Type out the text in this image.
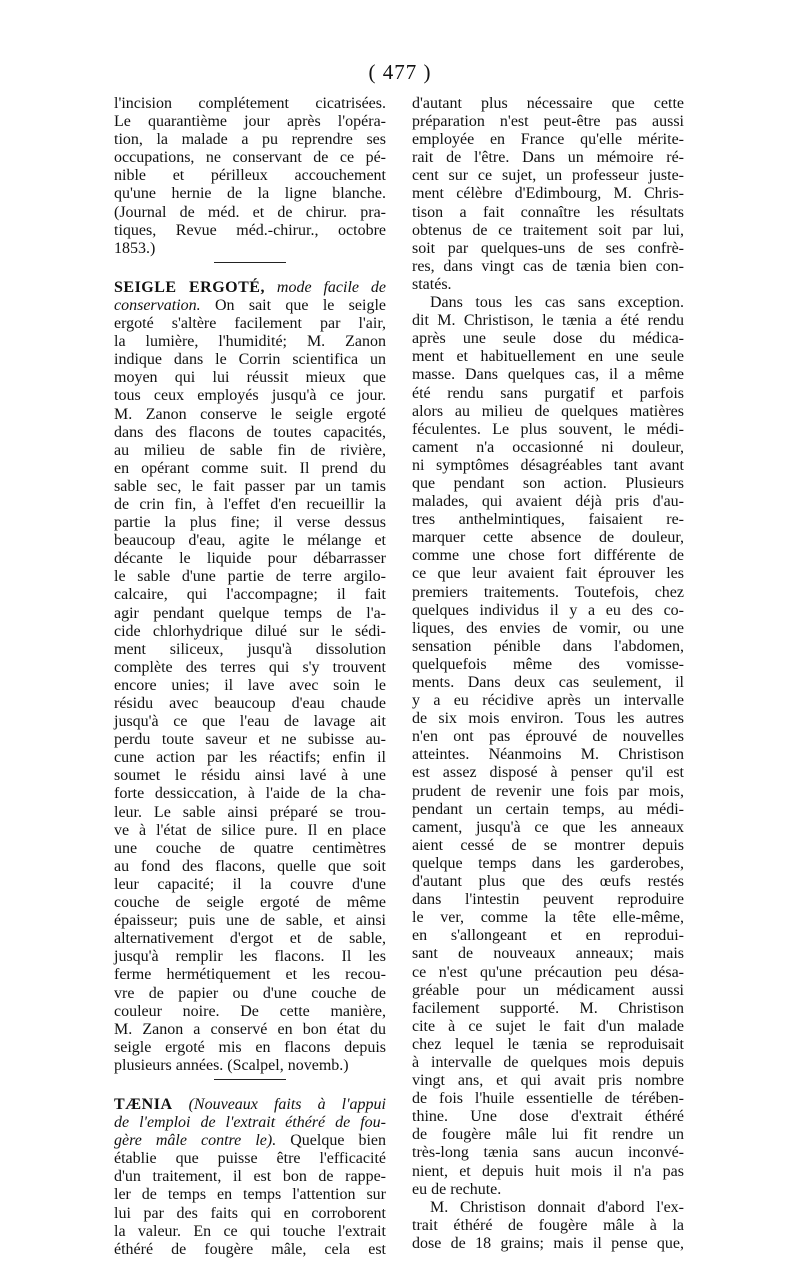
( 477 )

l'incision complétement cicatrisées.

Le quarantième jour après l'opéra-

tion, la malade a pu reprendre ses

occupations, ne conservant de ce pé-

nible et périlleux accouchement

qu'une hernie de la ligne blanche.

(Journal de méd. et de chirur. pra-

tiques, Revue méd.-chirur., octobre

1853.)

SEIGLE ERGOTÉ, mode facile de conservation. On sait que le seigle

ergoté s'altère facilement par l'air,

la lumière, l'humidité; M. Zanon

indique dans le Corrin scientifica un

moyen qui lui réussit mieux que

tous ceux employés jusqu'à ce jour.

M. Zanon conserve le seigle ergoté

dans des flacons de toutes capacités,

au milieu de sable fin de rivière,

en opérant comme suit. Il prend du

sable sec, le fait passer par un tamis

de crin fin, à l'effet d'en recueillir la

partie la plus fine; il verse dessus

beaucoup d'eau, agite le mélange et

décante le liquide pour débarrasser

le sable d'une partie de terre argilo-

calcaire, qui l'accompagne; il fait

agir pendant quelque temps de l'a-

cide chlorhydrique dilué sur le sédi-

ment siliceux, jusqu'à dissolution

complète des terres qui s'y trouvent

encore unies; il lave avec soin le

résidu avec beaucoup d'eau chaude

jusqu'à ce que l'eau de lavage ait

perdu toute saveur et ne subisse au-

cune action par les réactifs; enfin il

soumet le résidu ainsi lavé à une

forte dessiccation, à l'aide de la cha-

leur. Le sable ainsi préparé se trou-

ve à l'état de silice pure. Il en place

une couche de quatre centimètres

au fond des flacons, quelle que soit

leur capacité; il la couvre d'une

couche de seigle ergoté de même

épaisseur; puis une de sable, et ainsi

alternativement d'ergot et de sable,

jusqu'à remplir les flacons. Il les

ferme hermétiquement et les recou-

vre de papier ou d'une couche de

couleur noire. De cette manière,

M. Zanon a conservé en bon état du

seigle ergoté mis en flacons depuis

plusieurs années. (Scalpel, novemb.)

TÆNIA (Nouveaux faits à l'appui

de l'emploi de l'extrait éthéré de fou-

gère mâle contre le). Quelque bien

établie que puisse être l'efficacité

d'un traitement, il est bon de rappe-

ler de temps en temps l'attention sur

lui par des faits qui en corroborent

la valeur. En ce qui touche l'extrait

éthéré de fougère mâle, cela est

d'autant plus nécessaire que cette

préparation n'est peut-être pas aussi

employée en France qu'elle mérite-

rait de l'être. Dans un mémoire ré-

cent sur ce sujet, un professeur juste-

ment célèbre d'Edimbourg, M. Chris-

tison a fait connaître les résultats

obtenus de ce traitement soit par lui,

soit par quelques-uns de ses confrè-

res, dans vingt cas de tænia bien con-

statés.

Dans tous les cas sans exception.

dit M. Christison, le tænia a été rendu

après une seule dose du médica-

ment et habituellement en une seule

masse. Dans quelques cas, il a même

été rendu sans purgatif et parfois

alors au milieu de quelques matières

féculentes. Le plus souvent, le médi-

cament n'a occasionné ni douleur,

ni symptômes désagréables tant avant

que pendant son action. Plusieurs

malades, qui avaient déjà pris d'au-

tres anthelmintiques, faisaient re-

marquer cette absence de douleur,

comme une chose fort différente de

ce que leur avaient fait éprouver les

premiers traitements. Toutefois, chez

quelques individus il y a eu des co-

liques, des envies de vomir, ou une

sensation pénible dans l'abdomen,

quelquefois même des vomisse-

ments. Dans deux cas seulement, il

y a eu récidive après un intervalle

de six mois environ. Tous les autres

n'en ont pas éprouvé de nouvelles

atteintes. Néanmoins M. Christison

est assez disposé à penser qu'il est

prudent de revenir une fois par mois,

pendant un certain temps, au médi-

cament, jusqu'à ce que les anneaux

aient cessé de se montrer depuis

quelque temps dans les garderobes,

d'autant plus que des œufs restés

dans l'intestin peuvent reproduire

le ver, comme la tête elle-même,

en s'allongeant et en reprodui-

sant de nouveaux anneaux; mais

ce n'est qu'une précaution peu désa-

gréable pour un médicament aussi

facilement supporté. M. Christison

cite à ce sujet le fait d'un malade

chez lequel le tænia se reproduisait

à intervalle de quelques mois depuis

vingt ans, et qui avait pris nombre

de fois l'huile essentielle de térében-

thine. Une dose d'extrait éthéré

de fougère mâle lui fit rendre un

très-long tænia sans aucun inconvé-

nient, et depuis huit mois il n'a pas

eu de rechute.

M. Christison donnait d'abord l'ex-

trait éthéré de fougère mâle à la

dose de 18 grains; mais il pense que,
